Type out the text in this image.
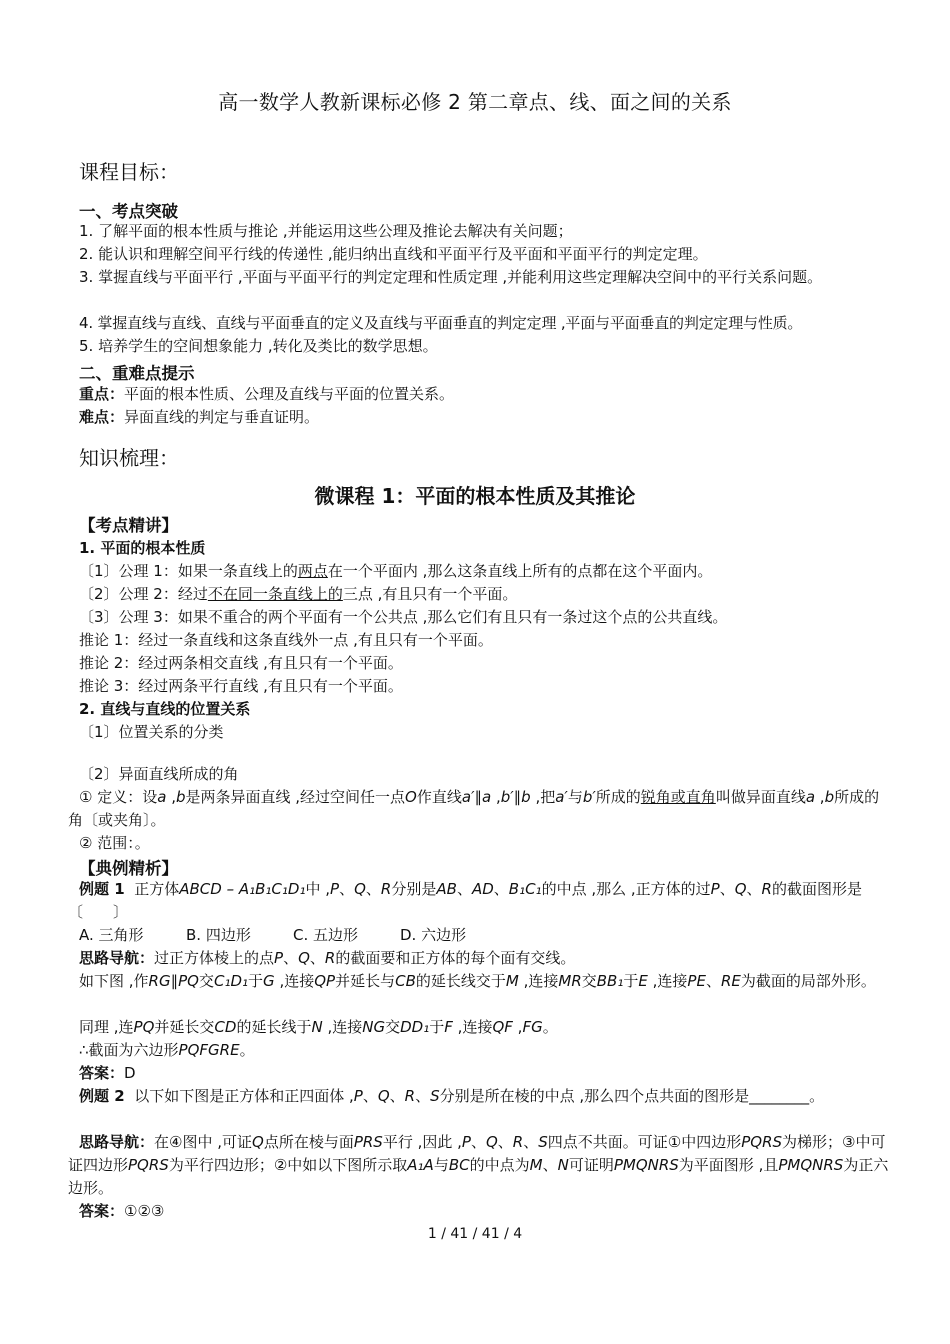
高一数学人教新课标必修 2 第二章点、线、面之间的关系
课程目标：
一、考点突破
1. 了解平面的根本性质与推论 ,并能运用这些公理及推论去解决有关问题；
2. 能认识和理解空间平行线的传递性 ,能归纳出直线和平面平行及平面和平面平行的判定定理。
3. 掌握直线与平面平行 ,平面与平面平行的判定定理和性质定理 ,并能利用这些定理解决空间中的平行关系问题。
4. 掌握直线与直线、直线与平面垂直的定义及直线与平面垂直的判定定理 ,平面与平面垂直的判定定理与性质。
5. 培养学生的空间想象能力 ,转化及类比的数学思想。
二、重难点提示
重点：平面的根本性质、公理及直线与平面的位置关系。
难点：异面直线的判定与垂直证明。
知识梳理：
微课程 1：平面的根本性质及其推论
【考点精讲】
1. 平面的根本性质
〔1〕公理 1：如果一条直线上的两点在一个平面内 ,那么这条直线上所有的点都在这个平面内。
〔2〕公理 2：经过不在同一条直线上的三点 ,有且只有一个平面。
〔3〕公理 3：如果不重合的两个平面有一个公共点 ,那么它们有且只有一条过这个点的公共直线。
推论 1：经过一条直线和这条直线外一点 ,有且只有一个平面。
推论 2：经过两条相交直线 ,有且只有一个平面。
推论 3：经过两条平行直线 ,有且只有一个平面。
2. 直线与直线的位置关系
〔1〕位置关系的分类
〔2〕异面直线所成的角
① 定义：设a ,b是两条异面直线 ,经过空间任一点O作直线a′∥a ,b′∥b ,把a′与b′所成的锐角或直角叫做异面直线a ,b所成的角〔或夹角〕。
② 范围：。
【典例精析】
例题 1 正方体ABCD – A₁B₁C₁D₁中 ,P、Q、R分别是AB、AD、B₁C₁的中点 ,那么 ,正方体的过P、Q、R的截面图形是〔　　〕
A. 三角形	B. 四边形	C. 五边形	D. 六边形
思路导航：过正方体棱上的点P、Q、R的截面要和正方体的每个面有交线。
如下图 ,作RG∥PQ交C₁D₁于G ,连接QP并延长与CB的延长线交于M ,连接MR交BB₁于E ,连接PE、RE为截面的局部外形。
同理 ,连PQ并延长交CD的延长线于N ,连接NG交DD₁于F ,连接QF ,FG。
∴截面为六边形PQFGRE。
答案：D
例题 2 以下如下图是正方体和正四面体 ,P、Q、R、S分别是所在棱的中点 ,那么四个点共面的图形是________。
思路导航：在④图中 ,可证Q点所在棱与面PRS平行 ,因此 ,P、Q、R、S四点不共面。可证①中四边形PQRS为梯形；③中可证四边形PQRS为平行四边形；②中如以下图所示取A₁A与BC的中点为M、N可证明PMQNRS为平面图形 ,且PMQNRS为正六边形。
答案：①②③
1 / 41 / 41 / 4
